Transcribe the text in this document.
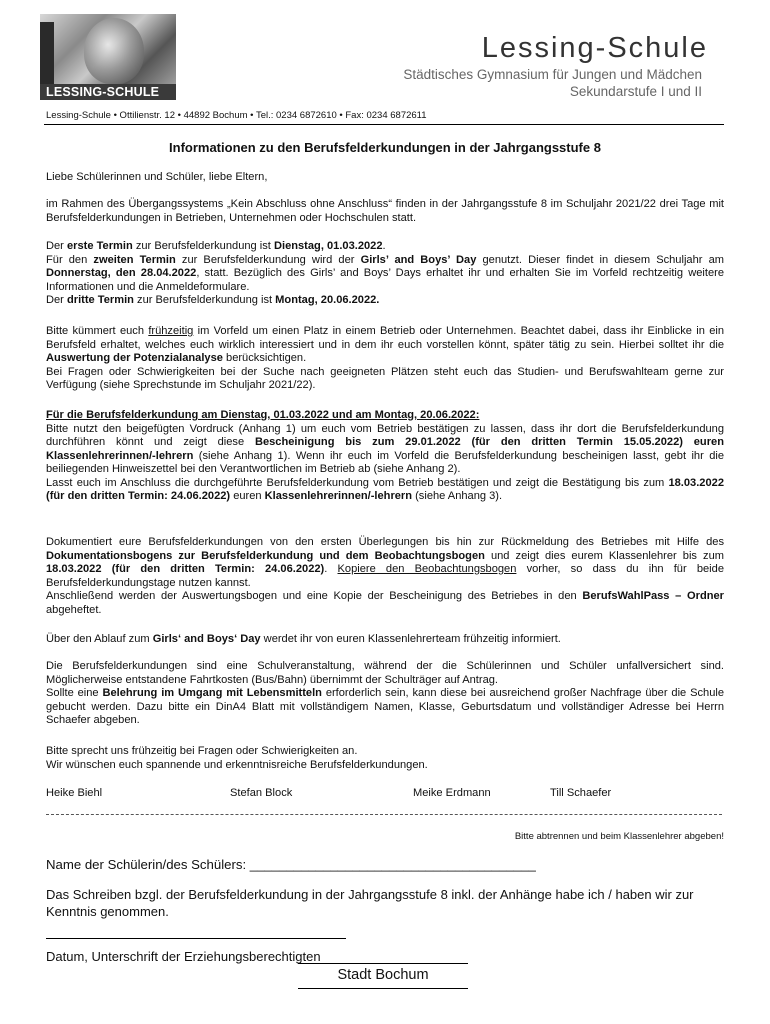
LESSING-SCHULE
Lessing-Schule
Städtisches Gymnasium für Jungen und Mädchen
Sekundarstufe I und II
Lessing-Schule • Ottilienstr. 12 • 44892 Bochum • Tel.: 0234 6872610 • Fax: 0234 6872611
Informationen zu den Berufsfelderkundungen in der Jahrgangsstufe 8
Liebe Schülerinnen und Schüler, liebe Eltern,
im Rahmen des Übergangssystems „Kein Abschluss ohne Anschluss“ finden in der Jahrgangsstufe 8 im Schuljahr 2021/22 drei Tage mit Berufsfelderkundungen in Betrieben, Unternehmen oder Hochschulen statt.
Der erste Termin zur Berufsfelderkundung ist Dienstag, 01.03.2022.
Für den zweiten Termin zur Berufsfelderkundung wird der Girls’ and Boys’ Day genutzt. Dieser findet in diesem Schuljahr am Donnerstag, den 28.04.2022, statt. Bezüglich des Girls’ and Boys’ Days erhaltet ihr und erhalten Sie im Vorfeld rechtzeitig weitere Informationen und die Anmeldeformulare.
Der dritte Termin zur Berufsfelderkundung ist Montag, 20.06.2022.
Bitte kümmert euch frühzeitig im Vorfeld um einen Platz in einem Betrieb oder Unternehmen. Beachtet dabei, dass ihr Einblicke in ein Berufsfeld erhaltet, welches euch wirklich interessiert und in dem ihr euch vorstellen könnt, später tätig zu sein. Hierbei solltet ihr die Auswertung der Potenzialanalyse berücksichtigen.
Bei Fragen oder Schwierigkeiten bei der Suche nach geeigneten Plätzen steht euch das Studien- und Berufswahlteam gerne zur Verfügung (siehe Sprechstunde im Schuljahr 2021/22).
Für die Berufsfelderkundung am Dienstag, 01.03.2022 und am Montag, 20.06.2022:
Bitte nutzt den beigefügten Vordruck (Anhang 1) um euch vom Betrieb bestätigen zu lassen, dass ihr dort die Berufsfelderkundung durchführen könnt und zeigt diese Bescheinigung bis zum 29.01.2022 (für den dritten Termin 15.05.2022) euren Klassenlehrerinnen/-lehrern (siehe Anhang 1). Wenn ihr euch im Vorfeld die Berufsfelderkundung bescheinigen lasst, gebt ihr die beiliegenden Hinweiszettel bei den Verantwortlichen im Betrieb ab (siehe Anhang 2).
Lasst euch im Anschluss die durchgeführte Berufsfelderkundung vom Betrieb bestätigen und zeigt die Bestätigung bis zum 18.03.2022 (für den dritten Termin: 24.06.2022) euren Klassenlehrerinnen/-lehrern (siehe Anhang 3).
Dokumentiert eure Berufsfelderkundungen von den ersten Überlegungen bis hin zur Rückmeldung des Betriebes mit Hilfe des Dokumentationsbogens zur Berufsfelderkundung und dem Beobachtungsbogen und zeigt dies eurem Klassenlehrer bis zum 18.03.2022 (für den dritten Termin: 24.06.2022). Kopiere den Beobachtungsbogen vorher, so dass du ihn für beide Berufsfelderkundungstage nutzen kannst.
Anschließend werden der Auswertungsbogen und eine Kopie der Bescheinigung des Betriebes in den BerufsWahlPass – Ordner abgeheftet.
Über den Ablauf zum Girls‘ and Boys‘ Day werdet ihr von euren Klassenlehrerteam frühzeitig informiert.
Die Berufsfelderkundungen sind eine Schulveranstaltung, während der die Schülerinnen und Schüler unfallversichert sind. Möglicherweise entstandene Fahrtkosten (Bus/Bahn) übernimmt der Schulträger auf Antrag.
Sollte eine Belehrung im Umgang mit Lebensmitteln erforderlich sein, kann diese bei ausreichend großer Nachfrage über die Schule gebucht werden. Dazu bitte ein DinA4 Blatt mit vollständigem Namen, Klasse, Geburtsdatum und vollständiger Adresse bei Herrn Schaefer abgeben.
Bitte sprecht uns frühzeitig bei Fragen oder Schwierigkeiten an.
Wir wünschen euch spannende und erkenntnisreiche Berufsfelderkundungen.
Heike Biehl	Stefan Block	Meike Erdmann	Till Schaefer
Bitte abtrennen und beim Klassenlehrer abgeben!
Name der Schülerin/des Schülers: _______________________________________
Das Schreiben bzgl. der Berufsfelderkundung in der Jahrgangsstufe 8 inkl. der Anhänge habe ich / haben wir zur Kenntnis genommen.
Datum, Unterschrift der Erziehungsberechtigten
Stadt Bochum
